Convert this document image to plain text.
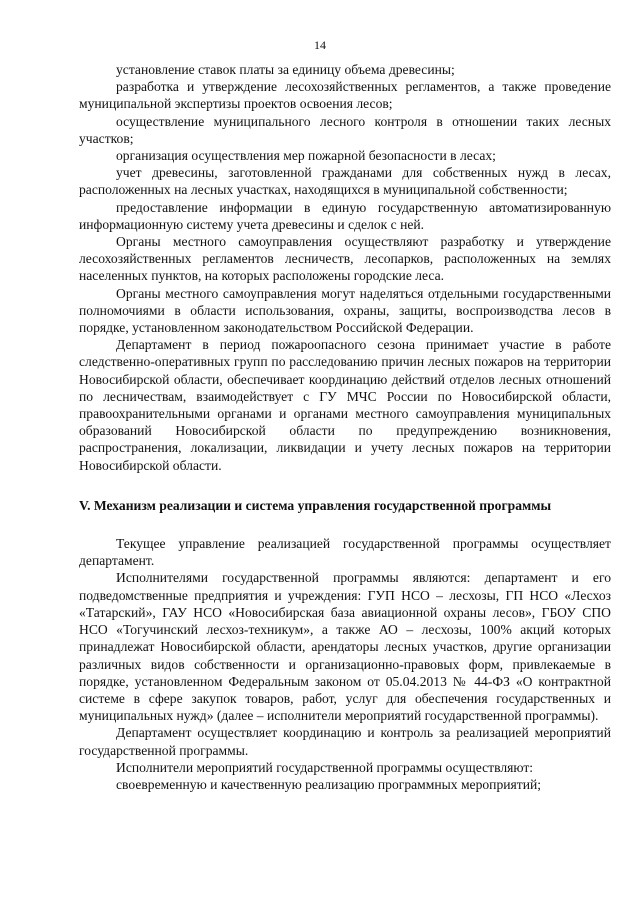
14

установление ставок платы за единицу объема древесины;

разработка и утверждение лесохозяйственных регламентов, а также проведение муниципальной экспертизы проектов освоения лесов;

осуществление муниципального лесного контроля в отношении таких лесных участков;

организация осуществления мер пожарной безопасности в лесах;

учет древесины, заготовленной гражданами для собственных нужд в лесах, расположенных на лесных участках, находящихся в муниципальной собственности;

предоставление информации в единую государственную автоматизированную информационную систему учета древесины и сделок с ней.

Органы местного самоуправления осуществляют разработку и утверждение лесохозяйственных регламентов лесничеств, лесопарков, расположенных на землях населенных пунктов, на которых расположены городские леса.

Органы местного самоуправления могут наделяться отдельными государственными полномочиями в области использования, охраны, защиты, воспроизводства лесов в порядке, установленном законодательством Российской Федерации.

Департамент в период пожароопасного сезона принимает участие в работе следственно-оперативных групп по расследованию причин лесных пожаров на территории Новосибирской области, обеспечивает координацию действий отделов лесных отношений по лесничествам, взаимодействует с ГУ МЧС России по Новосибирской области, правоохранительными органами и органами местного самоуправления муниципальных образований Новосибирской области по предупреждению возникновения, распространения, локализации, ликвидации и учету лесных пожаров на территории Новосибирской области.

V. Механизм реализации и система управления государственной программы

Текущее управление реализацией государственной программы осуществляет департамент.

Исполнителями государственной программы являются: департамент и его подведомственные предприятия и учреждения: ГУП НСО – лесхозы, ГП НСО «Лесхоз «Татарский», ГАУ НСО «Новосибирская база авиационной охраны лесов», ГБОУ СПО НСО «Тогучинский лесхоз-техникум», а также АО – лесхозы, 100% акций которых принадлежат Новосибирской области, арендаторы лесных участков, другие организации различных видов собственности и организационно-правовых форм, привлекаемые в порядке, установленном Федеральным законом от 05.04.2013 № 44-ФЗ «О контрактной системе в сфере закупок товаров, работ, услуг для обеспечения государственных и муниципальных нужд» (далее – исполнители мероприятий государственной программы).

Департамент осуществляет координацию и контроль за реализацией мероприятий государственной программы.

Исполнители мероприятий государственной программы осуществляют:

своевременную и качественную реализацию программных мероприятий;
